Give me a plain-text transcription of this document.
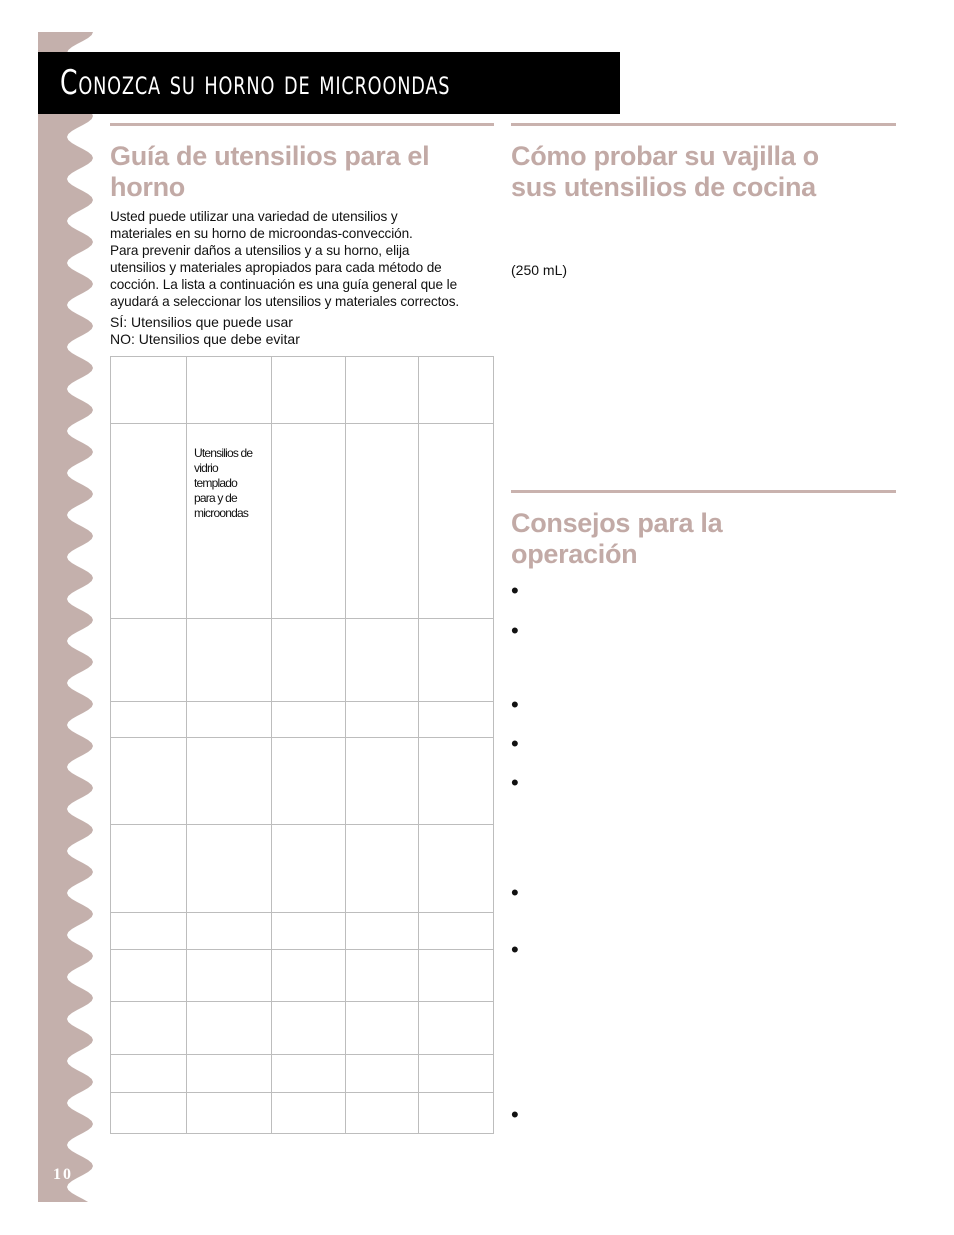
Conozca su horno de microondas
Guía de utensilios para el
horno
Usted puede utilizar una variedad de utensilios y
materiales en su horno de microondas-convección.
Para prevenir daños a utensilios y a su horno, elija
utensilios y materiales apropiados para cada método de
cocción. La lista a continuación es una guía general que le
ayudará a seleccionar los utensilios y materiales correctos.
SÍ: Utensilios que puede usar
NO: Utensilios que debe evitar
Utensilios de
vidrio
templado
para y de
microondas
Cómo probar su vajilla o
sus utensilios de cocina
(250 mL)
Consejos para la
operación
•
•
•
•
•
•
•
•
10
